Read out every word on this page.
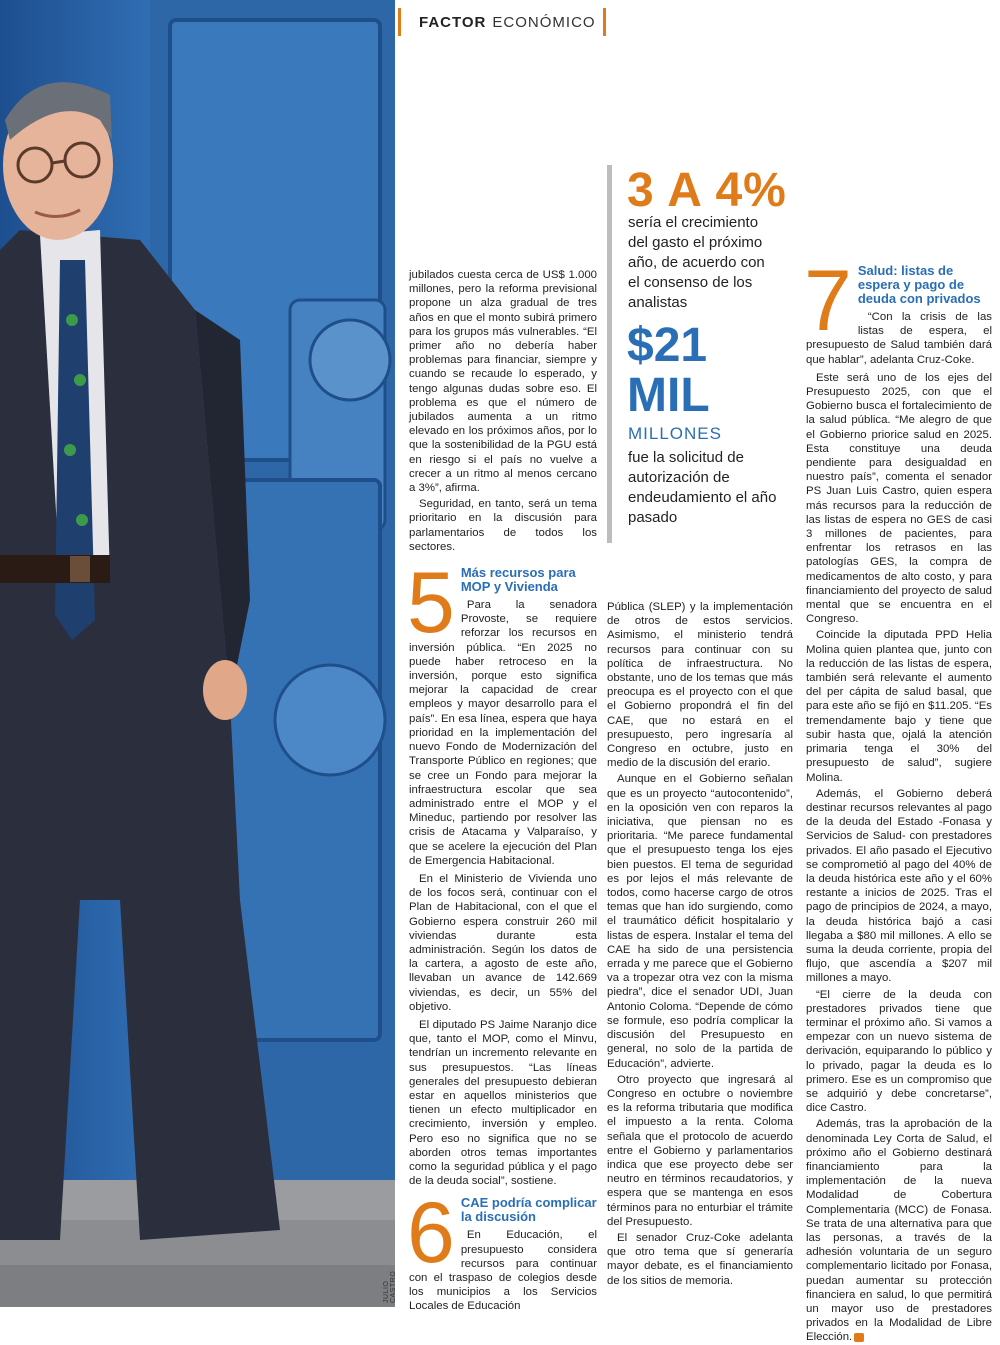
JULIO CASTRO
FACTOR ECONÓMICO
3 A 4%
sería el crecimiento del gasto el próximo año, de acuerdo con el consenso de los analistas
$21
MIL
MILLONES
fue la solicitud de autorización de endeudamiento el año pasado

jubilados cuesta cerca de US$ 1.000 millones, pero la reforma previsional propone un alza gradual de tres años en que el monto subirá primero para los grupos más vulnerables. “El primer año no debería haber problemas para financiar, siempre y cuando se recaude lo esperado, y tengo algunas dudas sobre eso. El problema es que el número de jubilados aumenta a un ritmo elevado en los próximos años, por lo que la sostenibilidad de la PGU está en riesgo si el país no vuelve a crecer a un ritmo al menos cercano a 3%”, afirma.

Seguridad, en tanto, será un tema prioritario en la discusión para parlamentarios de todos los sectores.

5 Más recursos para MOP y Vivienda

Para la senadora Provoste, se requiere reforzar los recursos en inversión pública. “En 2025 no puede haber retroceso en la inversión, porque esto significa mejorar la capacidad de crear empleos y mayor desarrollo para el país”. En esa línea, espera que haya prioridad en la implementación del nuevo Fondo de Modernización del Transporte Público en regiones; que se cree un Fondo para mejorar la infraestructura escolar que sea administrado entre el MOP y el Mineduc, partiendo por resolver las crisis de Atacama y Valparaíso, y que se acelere la ejecución del Plan de Emergencia Habitacional.

En el Ministerio de Vivienda uno de los focos será, continuar con el Plan de Habitacional, con el que el Gobierno espera construir 260 mil viviendas durante esta administración. Según los datos de la cartera, a agosto de este año, llevaban un avance de 142.669 viviendas, es decir, un 55% del objetivo.

El diputado PS Jaime Naranjo dice que, tanto el MOP, como el Minvu, tendrían un incremento relevante en sus presupuestos. “Las líneas generales del presupuesto debieran estar en aquellos ministerios que tienen un efecto multiplicador en crecimiento, inversión y empleo. Pero eso no significa que no se aborden otros temas importantes como la seguridad pública y el pago de la deuda social”, sostiene.

6 CAE podría complicar la discusión

En Educación, el presupuesto considera recursos para continuar con el traspaso de colegios desde los municipios a los Servicios Locales de Educación

Pública (SLEP) y la implementación de otros de estos servicios. Asimismo, el ministerio tendrá recursos para continuar con su política de infraestructura. No obstante, uno de los temas que más preocupa es el proyecto con el que el Gobierno propondrá el fin del CAE, que no estará en el presupuesto, pero ingresaría al Congreso en octubre, justo en medio de la discusión del erario.

Aunque en el Gobierno señalan que es un proyecto “autocontenido”, en la oposición ven con reparos la iniciativa, que piensan no es prioritaria. “Me parece fundamental que el presupuesto tenga los ejes bien puestos. El tema de seguridad es por lejos el más relevante de todos, como hacerse cargo de otros temas que han ido surgiendo, como el traumático déficit hospitalario y listas de espera. Instalar el tema del CAE ha sido de una persistencia errada y me parece que el Gobierno va a tropezar otra vez con la misma piedra”, dice el senador UDI, Juan Antonio Coloma. “Depende de cómo se formule, eso podría complicar la discusión del Presupuesto en general, no solo de la partida de Educación”, advierte.

Otro proyecto que ingresará al Congreso en octubre o noviembre es la reforma tributaria que modifica el impuesto a la renta. Coloma señala que el protocolo de acuerdo entre el Gobierno y parlamentarios indica que ese proyecto debe ser neutro en términos recaudatorios, y espera que se mantenga en esos términos para no enturbiar el trámite del Presupuesto.

El senador Cruz-Coke adelanta que otro tema que sí generaría mayor debate, es el financiamiento de los sitios de memoria.

7 Salud: listas de espera y pago de deuda con privados

“Con la crisis de las listas de espera, el presupuesto de Salud también dará que hablar”, adelanta Cruz-Coke.

Este será uno de los ejes del Presupuesto 2025, con que el Gobierno busca el fortalecimiento de la salud pública. “Me alegro de que el Gobierno priorice salud en 2025. Esta constituye una deuda pendiente para desigualdad en nuestro país”, comenta el senador PS Juan Luis Castro, quien espera más recursos para la reducción de las listas de espera no GES de casi 3 millones de pacientes, para enfrentar los retrasos en las patologías GES, la compra de medicamentos de alto costo, y para financiamiento del proyecto de salud mental que se encuentra en el Congreso.

Coincide la diputada PPD Helia Molina quien plantea que, junto con la reducción de las listas de espera, también será relevante el aumento del per cápita de salud basal, que para este año se fijó en $11.205. “Es tremendamente bajo y tiene que subir hasta que, ojalá la atención primaria tenga el 30% del presupuesto de salud”, sugiere Molina.

Además, el Gobierno deberá destinar recursos relevantes al pago de la deuda del Estado -Fonasa y Servicios de Salud- con prestadores privados. El año pasado el Ejecutivo se comprometió al pago del 40% de la deuda histórica este año y el 60% restante a inicios de 2025. Tras el pago de principios de 2024, a mayo, la deuda histórica bajó a casi llegaba a $80 mil millones. A ello se suma la deuda corriente, propia del flujo, que ascendía a $207 mil millones a mayo.

“El cierre de la deuda con prestadores privados tiene que terminar el próximo año. Si vamos a empezar con un nuevo sistema de derivación, equiparando lo público y lo privado, pagar la deuda es lo primero. Ese es un compromiso que se adquirió y debe concretarse”, dice Castro.

Además, tras la aprobación de la denominada Ley Corta de Salud, el próximo año el Gobierno destinará financiamiento para la implementación de la nueva Modalidad de Cobertura Complementaria (MCC) de Fonasa. Se trata de una alternativa para que las personas, a través de la adhesión voluntaria de un seguro complementario licitado por Fonasa, puedan aumentar su protección financiera en salud, lo que permitirá un mayor uso de prestadores privados en la Modalidad de Libre Elección.
